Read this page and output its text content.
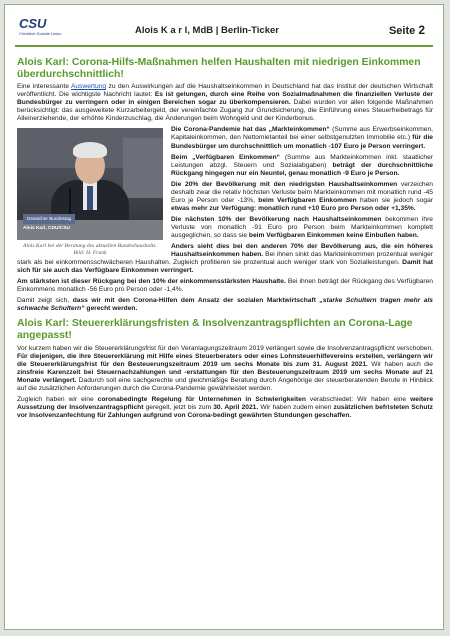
CSU
Christlich-Soziale Union	Alois K a r l, MdB | Berlin-Ticker	Seite 2
Alois Karl: Corona-Hilfs-Maßnahmen helfen Haushalten mit niedrigen Einkommen überdurchschnittlich!

Eine interessante Auswertung zu den Auswirkungen auf die Haushaltseinkommen in Deutschland hat das Institut der deutschen Wirtschaft veröffentlicht. Die wichtigste Nachricht lautet: Es ist gelungen, durch eine Reihe von Sozialmaßnahmen die finanziellen Verluste der Bundesbürger zu verringern oder in einigen Bereichen sogar zu überkompensieren. Dabei wurden vor allen folgende Maßnahmen berücksichtigt: das ausgeweitete Kurzarbeitergeld, der vereinfachte Zugang zur Grundsicherung, die Einführung eines Steuerfreibetrags für Alleinerziehende, der erhöhte Kinderzuschlag, die Änderungen beim Wohngeld und der Kinderbonus.

Deutscher Bundestag
Alois Karl, CDU/CSU
Alois Karl bei der Beratung des aktuellen Bundeshaushalts. Bild: H. Frank

Die Corona-Pandemie hat das „Markteinkommen“ (Summe aus Erwerbseinkommen, Kapitaleinkommen, den Nettomietanteil bei einer selbstgenutzten Immobilie etc.) für die Bundesbürger um durchschnittlich um monatlich -107 Euro je Person verringert.

Beim „Verfügbaren Einkommen“ (Summe aus Markteinkommen inkl. staatlicher Leistungen abzgl. Steuern und Sozialabgaben) beträgt der durchschnittliche Rückgang hingegen nur ein Neuntel, genau monatlich -9 Euro je Person.

Die 20% der Bevölkerung mit den niedrigsten Haushaltseinkommen verzeichen deshalb zwar die relativ höchsten Verluste beim Markteinkommen mit monatlich rund -45 Euro je Person oder -13%, beim Verfügbaren Einkommen haben sie jedoch sogar etwas mehr zur Verfügung: monatlich rund +10 Euro pro Person oder +1,35%.

Die nächsten 10% der Bevölkerung nach Haushaltseinkommen bekommen ihre Verluste von monatlich -91 Euro pro Person beim Markteinkommen komplett ausgeglichen, so dass sie beim Verfügbaren Einkommen keine Einbußen haben.

Anders sieht dies bei den anderen 70% der Bevölkerung aus, die ein höheres Haushaltseinkommen haben. Bei ihnen sinkt das Markteinkommen prozentual weniger stark als bei einkommensschwächeren Haushalten. Zugleich profitieren sie prozentual auch weniger stark von Sozialleistungen. Damit hat sich für sie auch das Verfügbare Einkommen verringert.

Am stärksten ist dieser Rückgang bei den 10% der einkommensstärksten Haushalte. Bei ihnen beträgt der Rückgang des Verfügbaren Einkommens monatlich -56 Euro pro Person oder -1,4%.

Damit zeigt sich, dass wir mit den Corona-Hilfen dem Ansatz der sozialen Marktwirtschaft „starke Schultern tragen mehr als schwache Schultern“ gerecht werden.

Alois Karl: Steuererklärungsfristen & Insolvenzantragspflichten an Corona-Lage angepasst!

Vor kurzem haben wir die Steuererklärungsfrist für den Veranlagungszeitraum 2019 verlängert sowie die Insolvenzantragspflicht verschoben. Für diejenigen, die ihre Steuererklärung mit Hilfe eines Steuerberaters oder eines Lohnsteuerhilfevereins erstellen, verlängern wir die Steuererklärungsfrist für den Besteuerungszeitraum 2019 um sechs Monate bis zum 31. August 2021. Wir haben auch die zinsfreie Karenzzeit bei Steuernachzahlungen und -erstattungen für den Besteuerungszeitraum 2019 um sechs Monate auf 21 Monate verlängert. Dadurch soll eine sachgerechte und gleichmäßige Beratung durch Angehörige der steuerberatenden Berufe in Hinblick auf die zusätzlichen Anforderungen durch die Corona-Pandemie gewährleistet werden.

Zugleich haben wir eine coronabedingte Regelung für Unternehmen in Schwierigkeiten verabschiedet: Wir haben eine weitere Aussetzung der Insolvenzantragspflicht geregelt, jetzt bis zum 30. April 2021. Wir haben zudem einen zusätzlichen befristeten Schutz vor Insolvenzanfechtung für Zahlungen aufgrund von Corona-bedingt gewährten Stundungen geschaffen.
